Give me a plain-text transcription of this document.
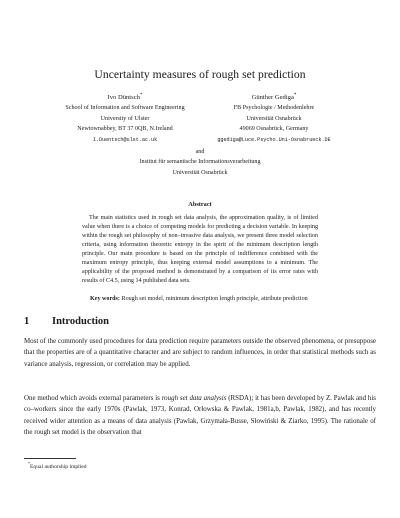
Uncertainty measures of rough set prediction
Ivo Düntsch*
School of Information and Software Engineering
University of Ulster
Newtownabbey, BT 37 0QB, N.Ireland
I.Duentsch@ulst.ac.uk
Günther Gediga*
FB Psychologie / Methodenlehre
Universität Osnabrück
49069 Osnabrück, Germany
ggediga@Luce.Psycho.Uni-Osnabrueck.DE
and
Institut für semantische Informationsverarbeitung
Universität Osnabrück
Abstract

The main statistics used in rough set data analysis, the approximation quality, is of limited value when there is a choice of competing models for predicting a decision variable. In keeping within the rough set philosophy of non–invasive data analysis, we present three model selection criteria, using information theoretic entropy in the spirit of the minimum description length principle. Our main procedure is based on the principle of indifference combined with the maximum entropy principle, thus keeping external model assumptions to a minimum. The applicability of the proposed method is demonstrated by a comparison of its error rates with results of C4.5, using 14 published data sets.

Key words: Rough set model, minimum description length principle, attribute prediction
1 Introduction

Most of the commonly used procedures for data prediction require parameters outside the observed phenomena, or presuppose that the properties are of a quantitative character and are subject to random influences, in order that statistical methods such as variance analysis, regression, or correlation may be applied.

One method which avoids external parameters is rough set data analysis (RSDA); it has been developed by Z. Pawlak and his co–workers since the early 1970s (Pawlak, 1973, Konrad, Orłowska & Pawlak, 1981a,b, Pawlak, 1982), and has recently received wider attention as a means of data analysis (Pawlak, Grzymała-Busse, Słowiński & Ziarko, 1995). The rationale of the rough set model is the observation that

*Equal authorship implied
